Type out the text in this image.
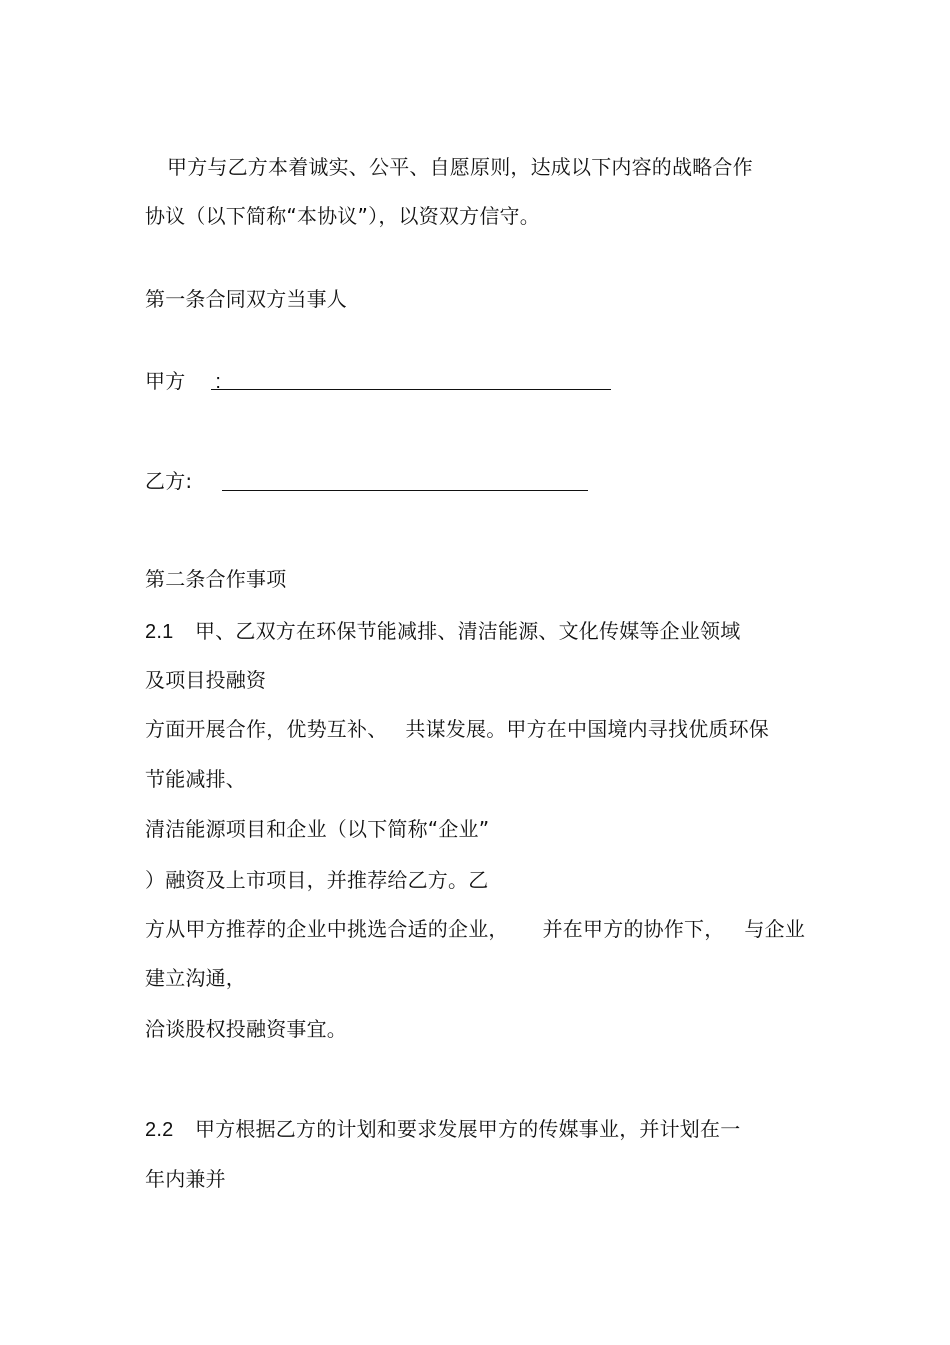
甲方与乙方本着诚实、公平、自愿原则，达成以下内容的战略合作
协议（以下简称“本协议”），以资双方信守。
第一条合同双方当事人
甲方 :
乙方:
第二条合作事项
2.1 甲、乙双方在环保节能减排、清洁能源、文化传媒等企业领域
及项目投融资
方面开展合作，优势互补、 共谋发展。甲方在中国境内寻找优质环保
节能减排、
清洁能源项目和企业（以下简称“企业”
）融资及上市项目，并推荐给乙方。乙
方从甲方推荐的企业中挑选合适的企业， 并在甲方的协作下， 与企业
建立沟通，
洽谈股权投融资事宜。
2.2 甲方根据乙方的计划和要求发展甲方的传媒事业，并计划在一
年内兼并
